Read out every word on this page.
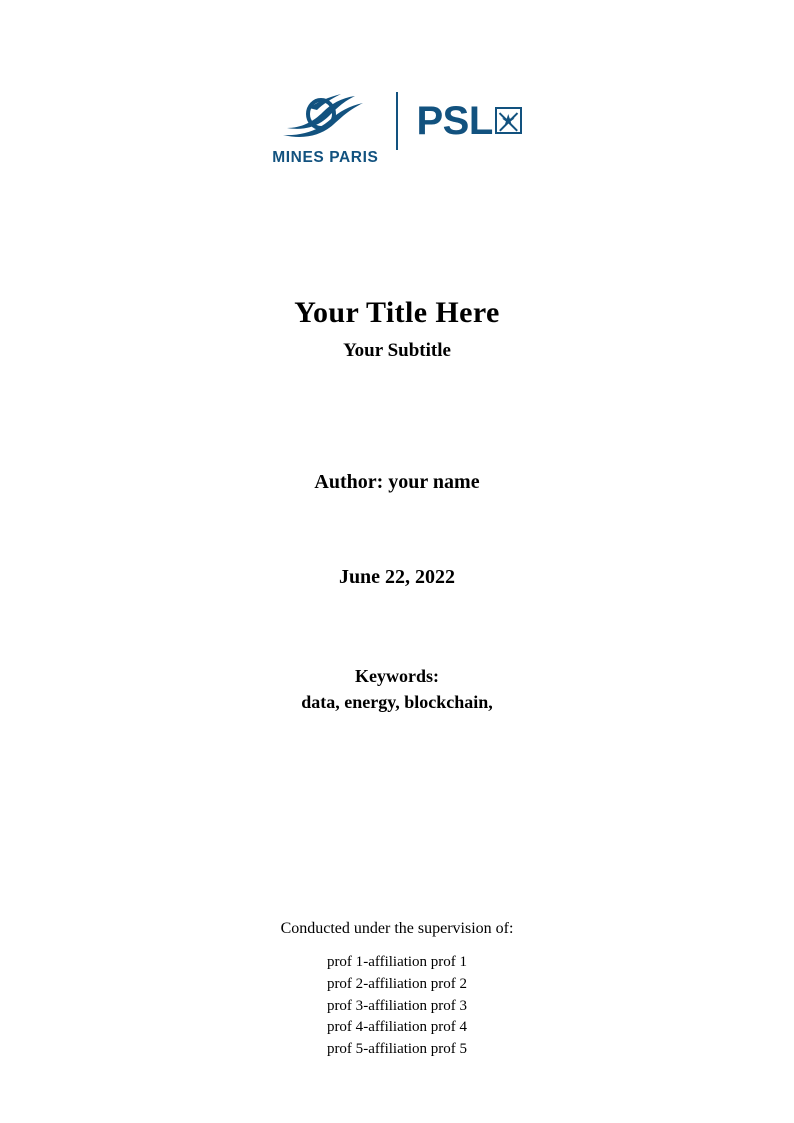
MINES PARIS
PSL
Your Title Here
Your Subtitle
Author: your name
June 22, 2022
Keywords:
data, energy, blockchain,
Conducted under the supervision of:
prof 1	-	affiliation prof 1
prof 2	-	affiliation prof 2
prof 3	-	affiliation prof 3
prof 4	-	affiliation prof 4
prof 5	-	affiliation prof 5
